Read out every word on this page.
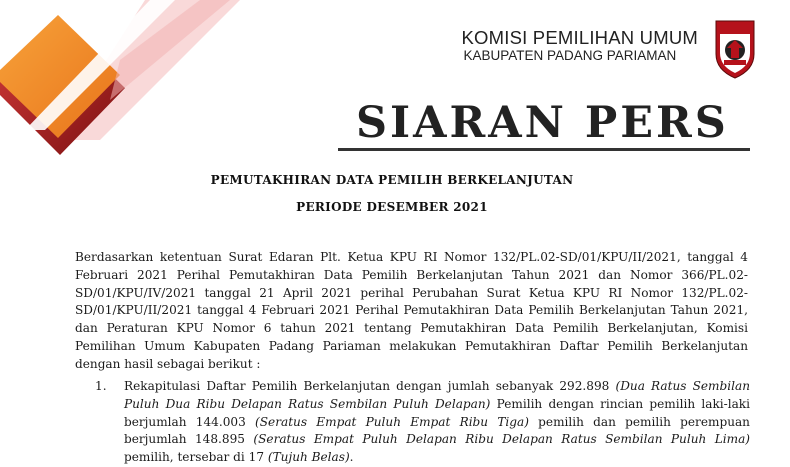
KOMISI PEMILIHAN UMUM
KABUPATEN PADANG PARIAMAN
SIARAN PERS
PEMUTAKHIRAN DATA PEMILIH BERKELANJUTAN
PERIODE DESEMBER 2021
Berdasarkan ketentuan Surat Edaran Plt. Ketua KPU RI Nomor 132/PL.02-SD/01/KPU/II/2021, tanggal 4 Februari 2021 Perihal Pemutakhiran Data Pemilih Berkelanjutan Tahun 2021 dan Nomor 366/PL.02-SD/01/KPU/IV/2021 tanggal 21 April 2021 perihal Perubahan Surat Ketua KPU RI Nomor 132/PL.02-SD/01/KPU/II/2021 tanggal 4 Februari 2021 Perihal Pemutakhiran Data Pemilih Berkelanjutan Tahun 2021, dan Peraturan KPU Nomor 6 tahun 2021 tentang Pemutakhiran Data Pemilih Berkelanjutan, Komisi Pemilihan Umum Kabupaten Padang Pariaman melakukan Pemutakhiran Daftar Pemilih Berkelanjutan dengan hasil sebagai berikut :
1. Rekapitulasi Daftar Pemilih Berkelanjutan dengan jumlah sebanyak 292.898 (Dua Ratus Sembilan Puluh Dua Ribu Delapan Ratus Sembilan Puluh Delapan) Pemilih dengan rincian pemilih laki-laki berjumlah 144.003 (Seratus Empat Puluh Empat Ribu Tiga) pemilih dan pemilih perempuan berjumlah 148.895 (Seratus Empat Puluh Delapan Ribu Delapan Ratus Sembilan Puluh Lima) pemilih, tersebar di 17 (Tujuh Belas).
